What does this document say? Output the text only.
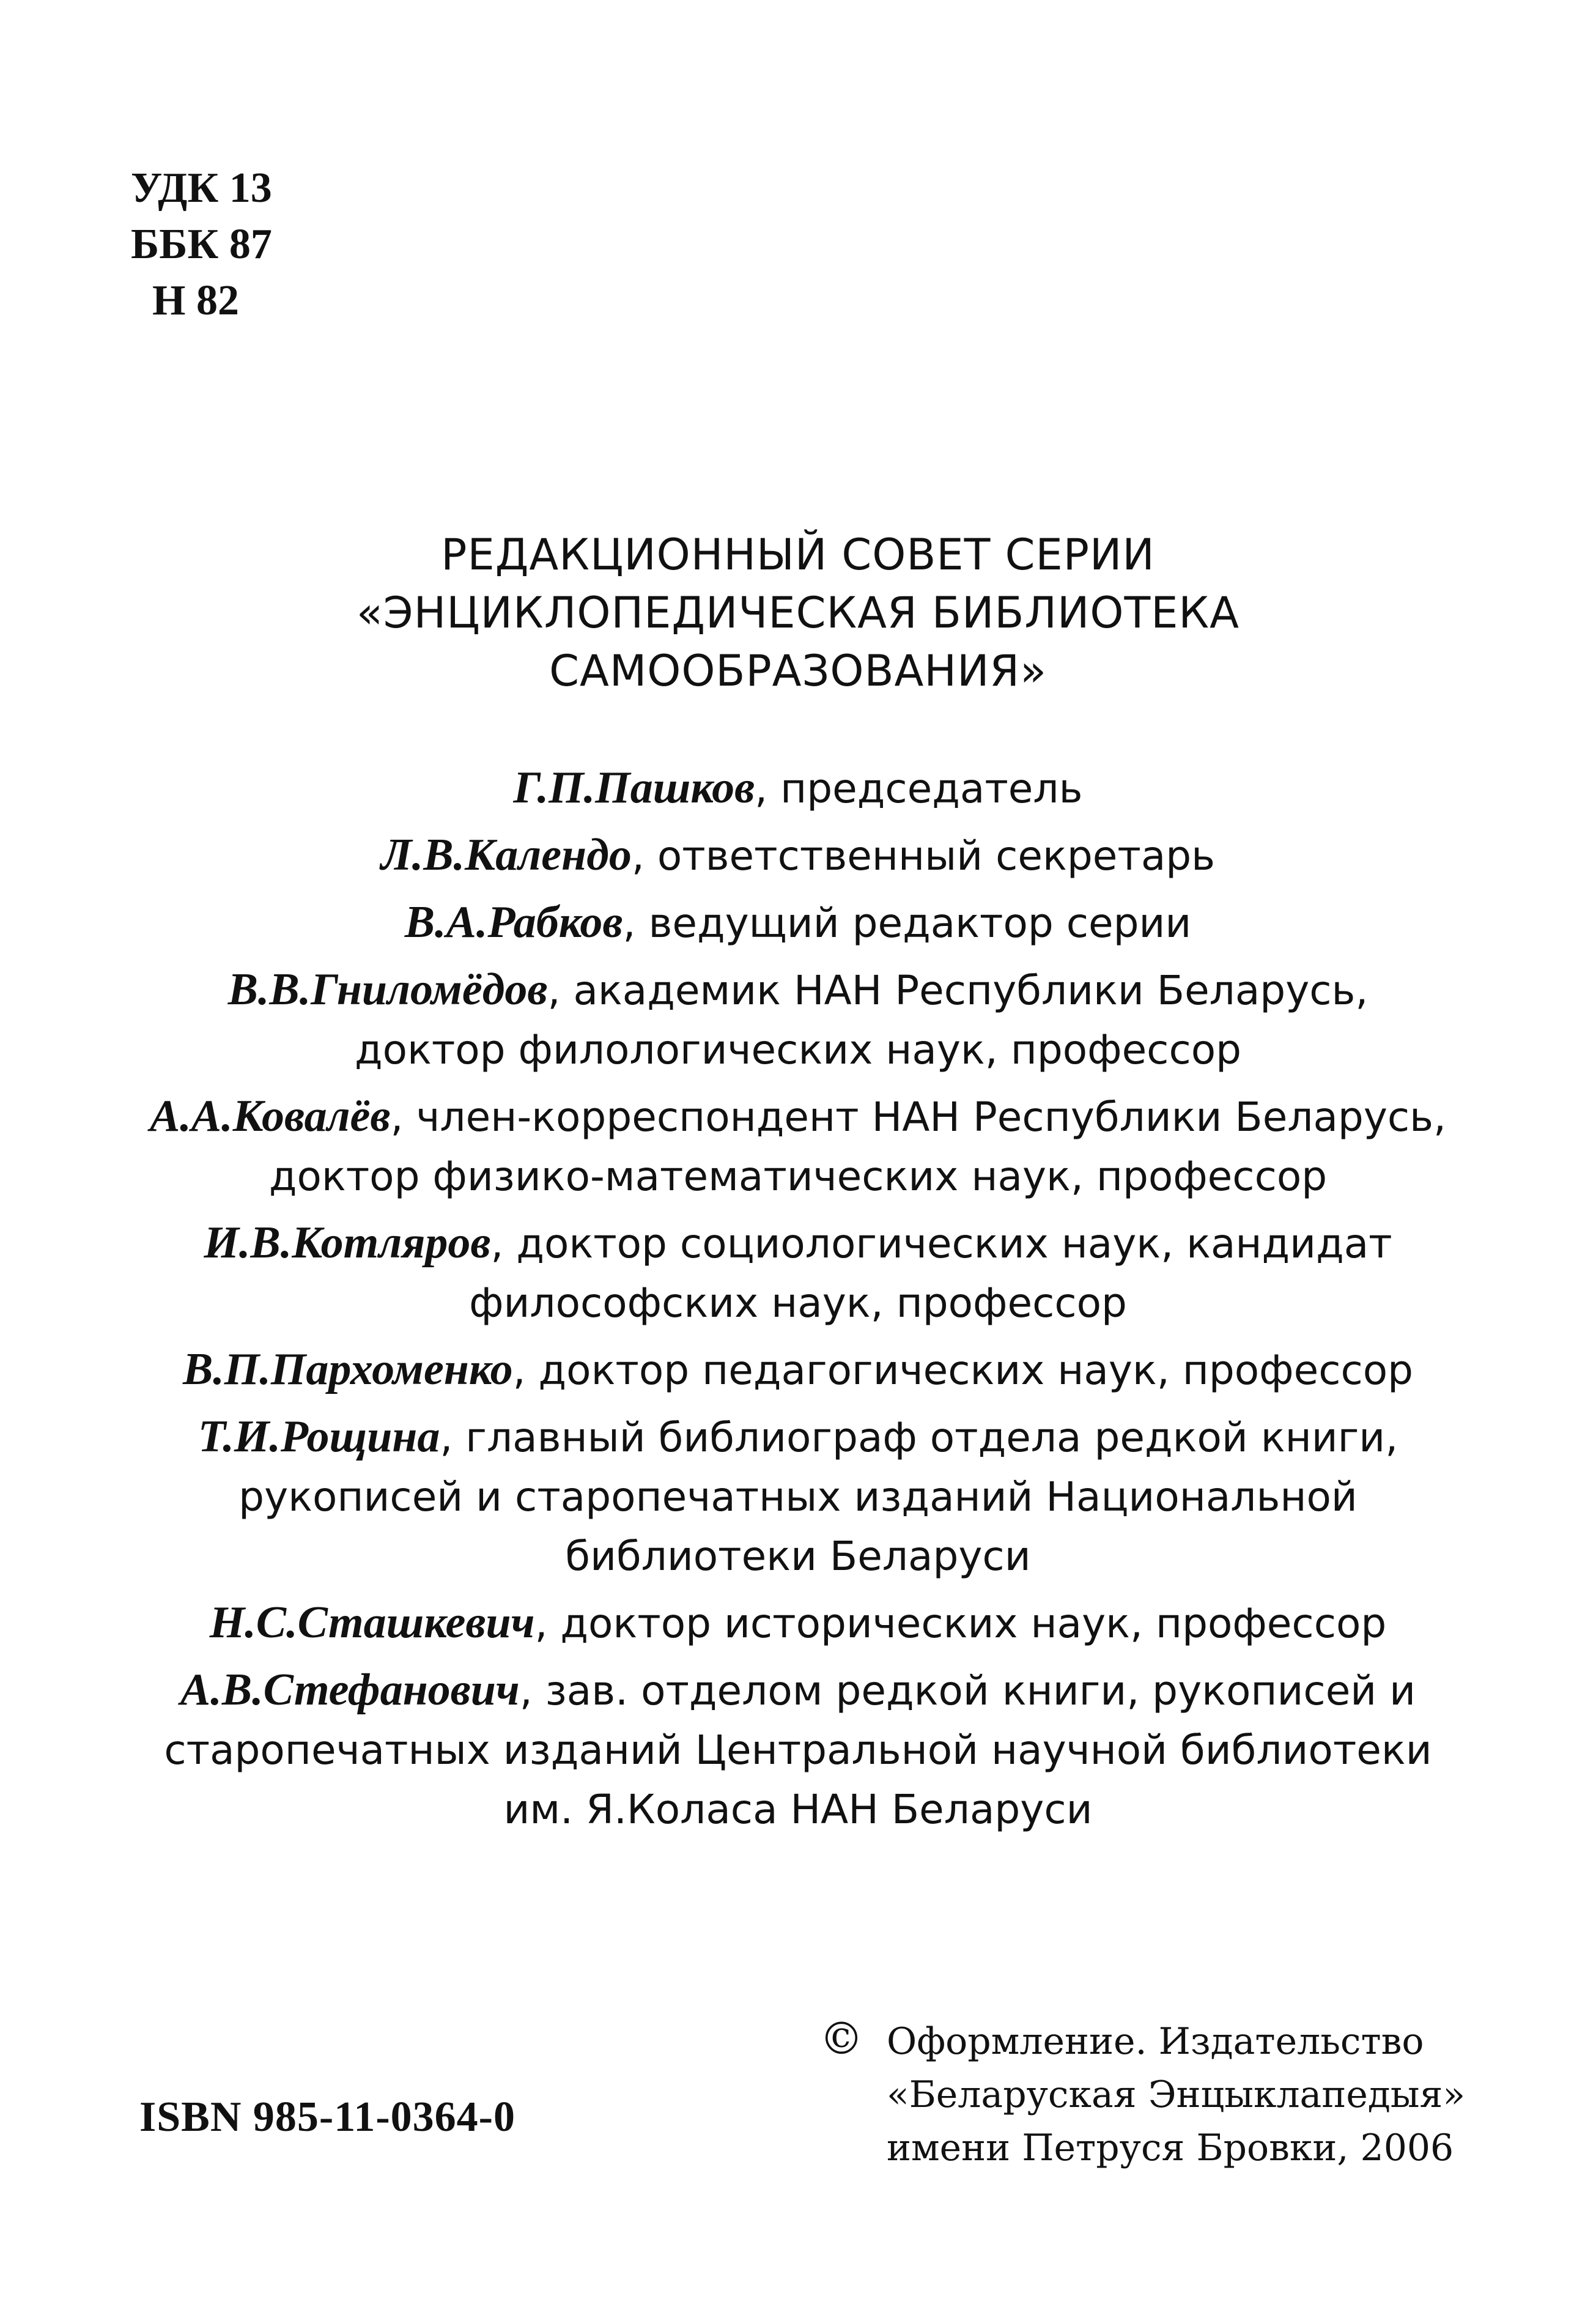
УДК 13
ББК 87
Н 82
РЕДАКЦИОННЫЙ СОВЕТ СЕРИИ
«ЭНЦИКЛОПЕДИЧЕСКАЯ БИБЛИОТЕКА
САМООБРАЗОВАНИЯ»
Г.П.Пашков, председатель
Л.В.Календо, ответственный секретарь
В.А.Рабков, ведущий редактор серии
В.В.Гниломёдов, академик НАН Республики Беларусь,
доктор филологических наук, профессор
А.А.Ковалёв, член-корреспондент НАН Республики Беларусь,
доктор физико-математических наук, профессор
И.В.Котляров, доктор социологических наук, кандидат
философских наук, профессор
В.П.Пархоменко, доктор педагогических наук, профессор
Т.И.Рощина, главный библиограф отдела редкой книги,
рукописей и старопечатных изданий Национальной
библиотеки Беларуси
Н.С.Сташкевич, доктор исторических наук, профессор
А.В.Стефанович, зав. отделом редкой книги, рукописей и
старопечатных изданий Центральной научной библиотеки
им. Я.Коласа НАН Беларуси
ISBN 985-11-0364-0
© Оформление. Издательство
«Беларуская Энцыклапедыя»
имени Петруся Бровки, 2006
